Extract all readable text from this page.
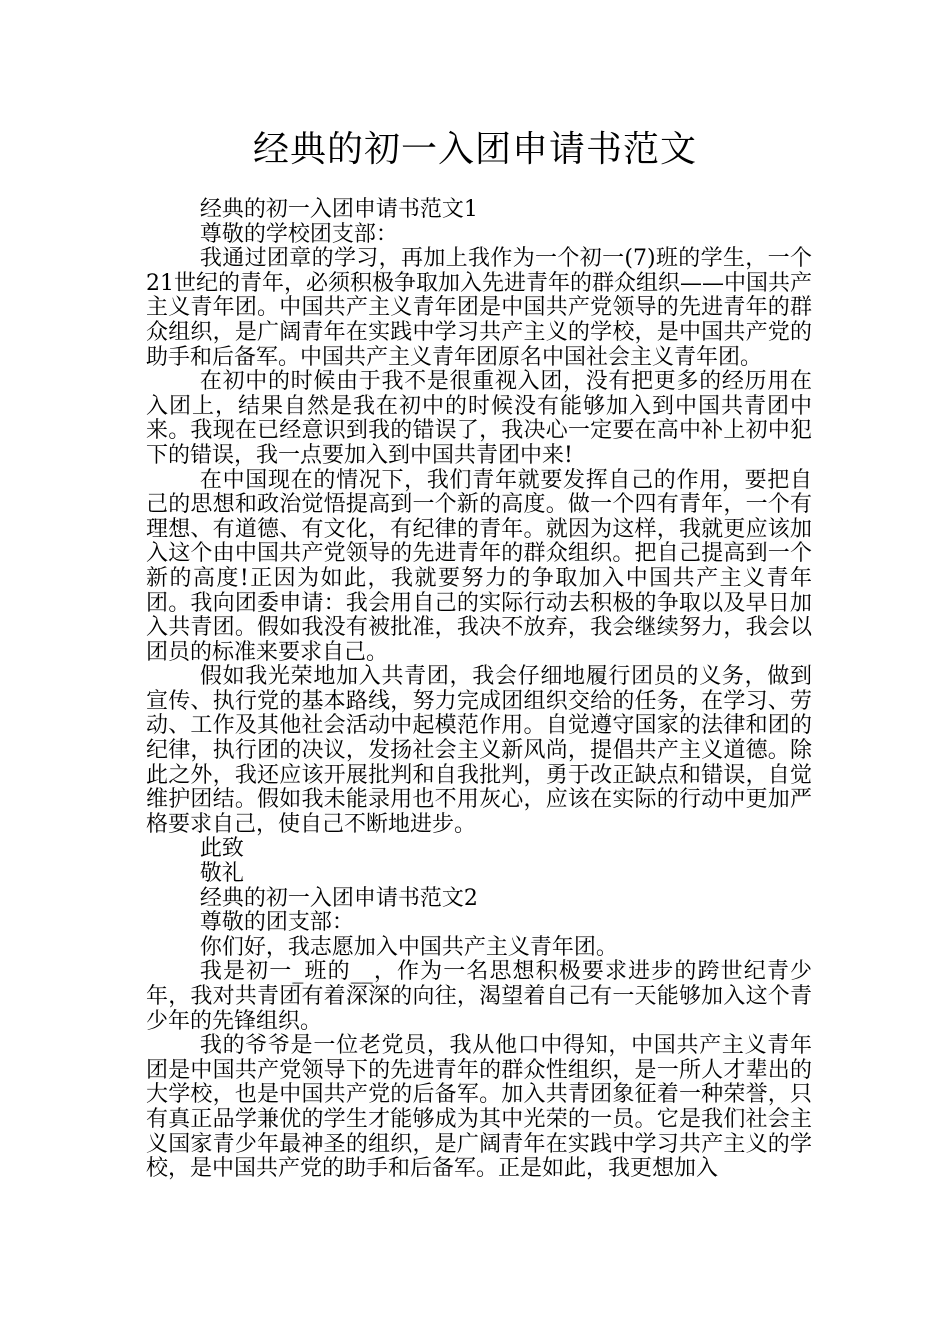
经典的初一入团申请书范文

经典的初一入团申请书范文1

尊敬的学校团支部：

我通过团章的学习，再加上我作为一个初一(7)班的学生，一个21世纪的青年，必须积极争取加入先进青年的群众组织——中国共产主义青年团。中国共产主义青年团是中国共产党领导的先进青年的群众组织，是广阔青年在实践中学习共产主义的学校，是中国共产党的助手和后备军。中国共产主义青年团原名中国社会主义青年团。

在初中的时候由于我不是很重视入团，没有把更多的经历用在入团上，结果自然是我在初中的时候没有能够加入到中国共青团中来。我现在已经意识到我的错误了，我决心一定要在高中补上初中犯下的错误，我一点要加入到中国共青团中来!

在中国现在的情况下，我们青年就要发挥自己的作用，要把自己的思想和政治觉悟提高到一个新的高度。做一个四有青年，一个有理想、有道德、有文化，有纪律的青年。就因为这样，我就更应该加入这个由中国共产党领导的先进青年的群众组织。把自己提高到一个新的高度!正因为如此，我就要努力的争取加入中国共产主义青年团。我向团委申请：我会用自己的实际行动去积极的争取以及早日加入共青团。假如我没有被批准，我决不放弃，我会继续努力，我会以团员的标准来要求自己。

假如我光荣地加入共青团，我会仔细地履行团员的义务，做到宣传、执行党的基本路线，努力完成团组织交给的任务，在学习、劳动、工作及其他社会活动中起模范作用。自觉遵守国家的法律和团的纪律，执行团的决议，发扬社会主义新风尚，提倡共产主义道德。除此之外，我还应该开展批判和自我批判，勇于改正缺点和错误，自觉维护团结。假如我未能录用也不用灰心，应该在实际的行动中更加严格要求自己，使自己不断地进步。

此致

敬礼

经典的初一入团申请书范文2

尊敬的团支部：

你们好，我志愿加入中国共产主义青年团。

我是初一_班的__，作为一名思想积极要求进步的跨世纪青少年，我对共青团有着深深的向往，渴望着自己有一天能够加入这个青少年的先锋组织。

我的爷爷是一位老党员，我从他口中得知，中国共产主义青年团是中国共产党领导下的先进青年的群众性组织，是一所人才辈出的大学校，也是中国共产党的后备军。加入共青团象征着一种荣誉，只有真正品学兼优的学生才能够成为其中光荣的一员。它是我们社会主义国家青少年最神圣的组织，是广阔青年在实践中学习共产主义的学校，是中国共产党的助手和后备军。正是如此，我更想加入
